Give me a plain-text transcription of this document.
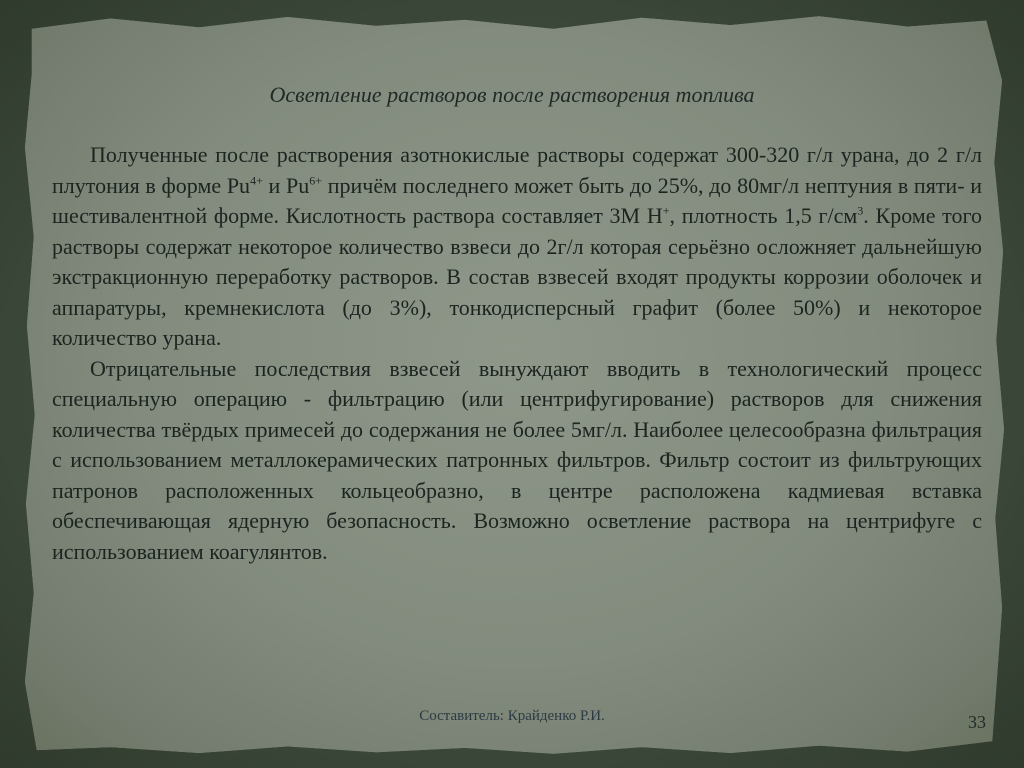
Осветление растворов после растворения топлива

Полученные после растворения азотнокислые растворы содержат 300-320 г/л урана, до 2 г/л плутония в форме $Pu^{4+}$ и $Pu^{6+}$ причём последнего может быть до 25%, до 80мг/л нептуния в пяти- и шестивалентной форме. Кислотность раствора составляет 3М Н+, плотность 1,5 $г/см^3$. Кроме того растворы содержат некоторое количество взвеси до 2г/л которая серьёзно осложняет дальнейшую экстракционную переработку растворов. В состав взвесей входят продукты коррозии оболочек и аппаратуры, кремнекислота (до 3%), тонкодисперсный графит (более 50%) и некоторое количество урана.

Отрицательные последствия взвесей вынуждают вводить в технологический процесс специальную операцию - фильтрацию (или центрифугирование) растворов для снижения количества твёрдых примесей до содержания не более 5мг/л. Наиболее целесообразна фильтрация с использованием металлокерамических патронных фильтров. Фильтр состоит из фильтрующих патронов расположенных кольцеобразно, в центре расположена кадмиевая вставка обеспечивающая ядерную безопасность. Возможно осветление раствора на центрифуге с использованием коагулянтов.

Составитель: Крайденко Р.И.	33
